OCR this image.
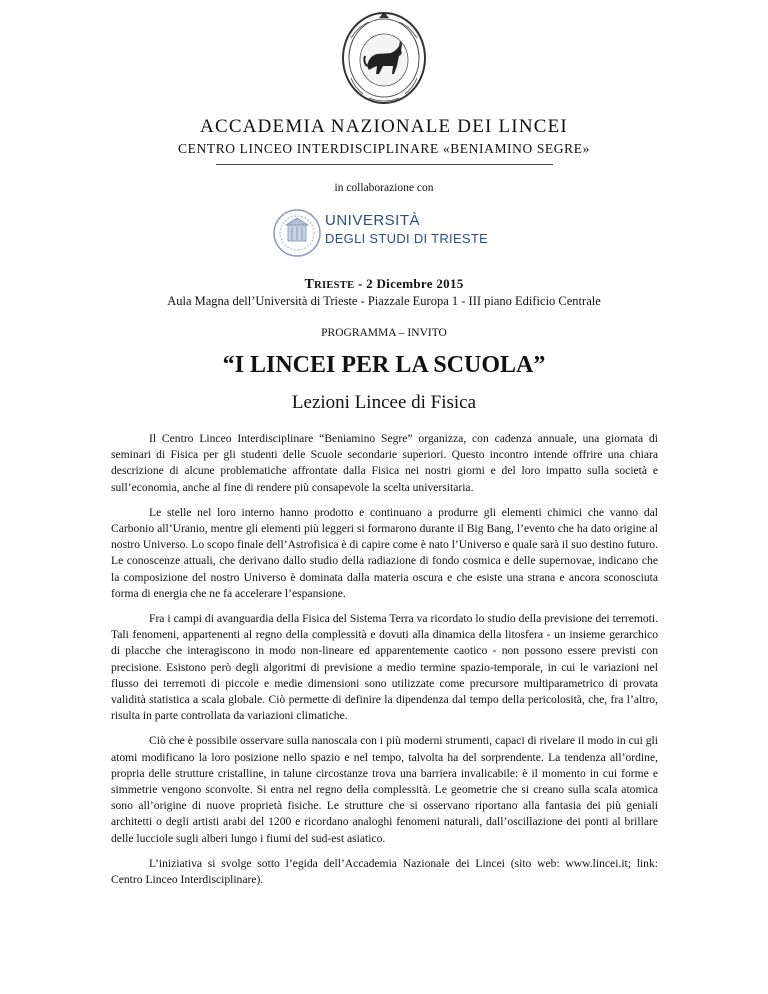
ACCADEMIA NAZIONALE DEI LINCEI
CENTRO LINCEO INTERDISCIPLINARE «BENIAMINO SEGRE»
in collaborazione con
UNIVERSITÀ
DEGLI STUDI DI TRIESTE
TRIESTE - 2 Dicembre 2015
Aula Magna dell’Università di Trieste - Piazzale Europa 1 - III piano Edificio Centrale
PROGRAMMA – INVITO
“I LINCEI PER LA SCUOLA”
Lezioni Lincee di Fisica

Il Centro Linceo Interdisciplinare “Beniamino Segre” organizza, con cadenza annuale, una giornata di seminari di Fisica per gli studenti delle Scuole secondarie superiori. Questo incontro intende offrire una chiara descrizione di alcune problematiche affrontate dalla Fisica nei nostri giorni e del loro impatto sulla società e sull’economia, anche al fine di rendere più consapevole la scelta universitaria.

Le stelle nel loro interno hanno prodotto e continuano a produrre gli elementi chimici che vanno dal Carbonio all’Uranio, mentre gli elementi più leggeri si formarono durante il Big Bang, l’evento che ha dato origine al nostro Universo. Lo scopo finale dell’Astrofisica è di capire come è nato l’Universo e quale sarà il suo destino futuro. Le conoscenze attuali, che derivano dallo studio della radiazione di fondo cosmica e delle supernovae, indicano che la composizione del nostro Universo è dominata dalla materia oscura e che esiste una strana e ancora sconosciuta forma di energia che ne fa accelerare l’espansione.

Fra i campi di avanguardia della Fisica del Sistema Terra va ricordato lo studio della previsione dei terremoti. Tali fenomeni, appartenenti al regno della complessità e dovuti alla dinamica della litosfera - un insieme gerarchico di placche che interagiscono in modo non-lineare ed apparentemente caotico - non possono essere previsti con precisione. Esistono però degli algoritmi di previsione a medio termine spazio-temporale, in cui le variazioni nel flusso dei terremoti di piccole e medie dimensioni sono utilizzate come precursore multiparametrico di provata validità statistica a scala globale. Ciò permette di definire la dipendenza dal tempo della pericolosità, che, fra l’altro, risulta in parte controllata da variazioni climatiche.

Ciò che è possibile osservare sulla nanoscala con i più moderni strumenti, capaci di rivelare il modo in cui gli atomi modificano la loro posizione nello spazio e nel tempo, talvolta ha del sorprendente. La tendenza all’ordine, propria delle strutture cristalline, in talune circostanze trova una barriera invalicabile: è il momento in cui forme e simmetrie vengono sconvolte. Si entra nel regno della complessità. Le geometrie che si creano sulla scala atomica sono all’origine di nuove proprietà fisiche. Le strutture che si osservano riportano alla fantasia dei più geniali architetti o degli artisti arabi del 1200 e ricordano analoghi fenomeni naturali, dall’oscillazione dei ponti al brillare delle lucciole sugli alberi lungo i fiumi del sud-est asiatico.

L’iniziativa si svolge sotto l’egida dell’Accademia Nazionale dei Lincei (sito web: www.lincei.it; link: Centro Linceo Interdisciplinare).
